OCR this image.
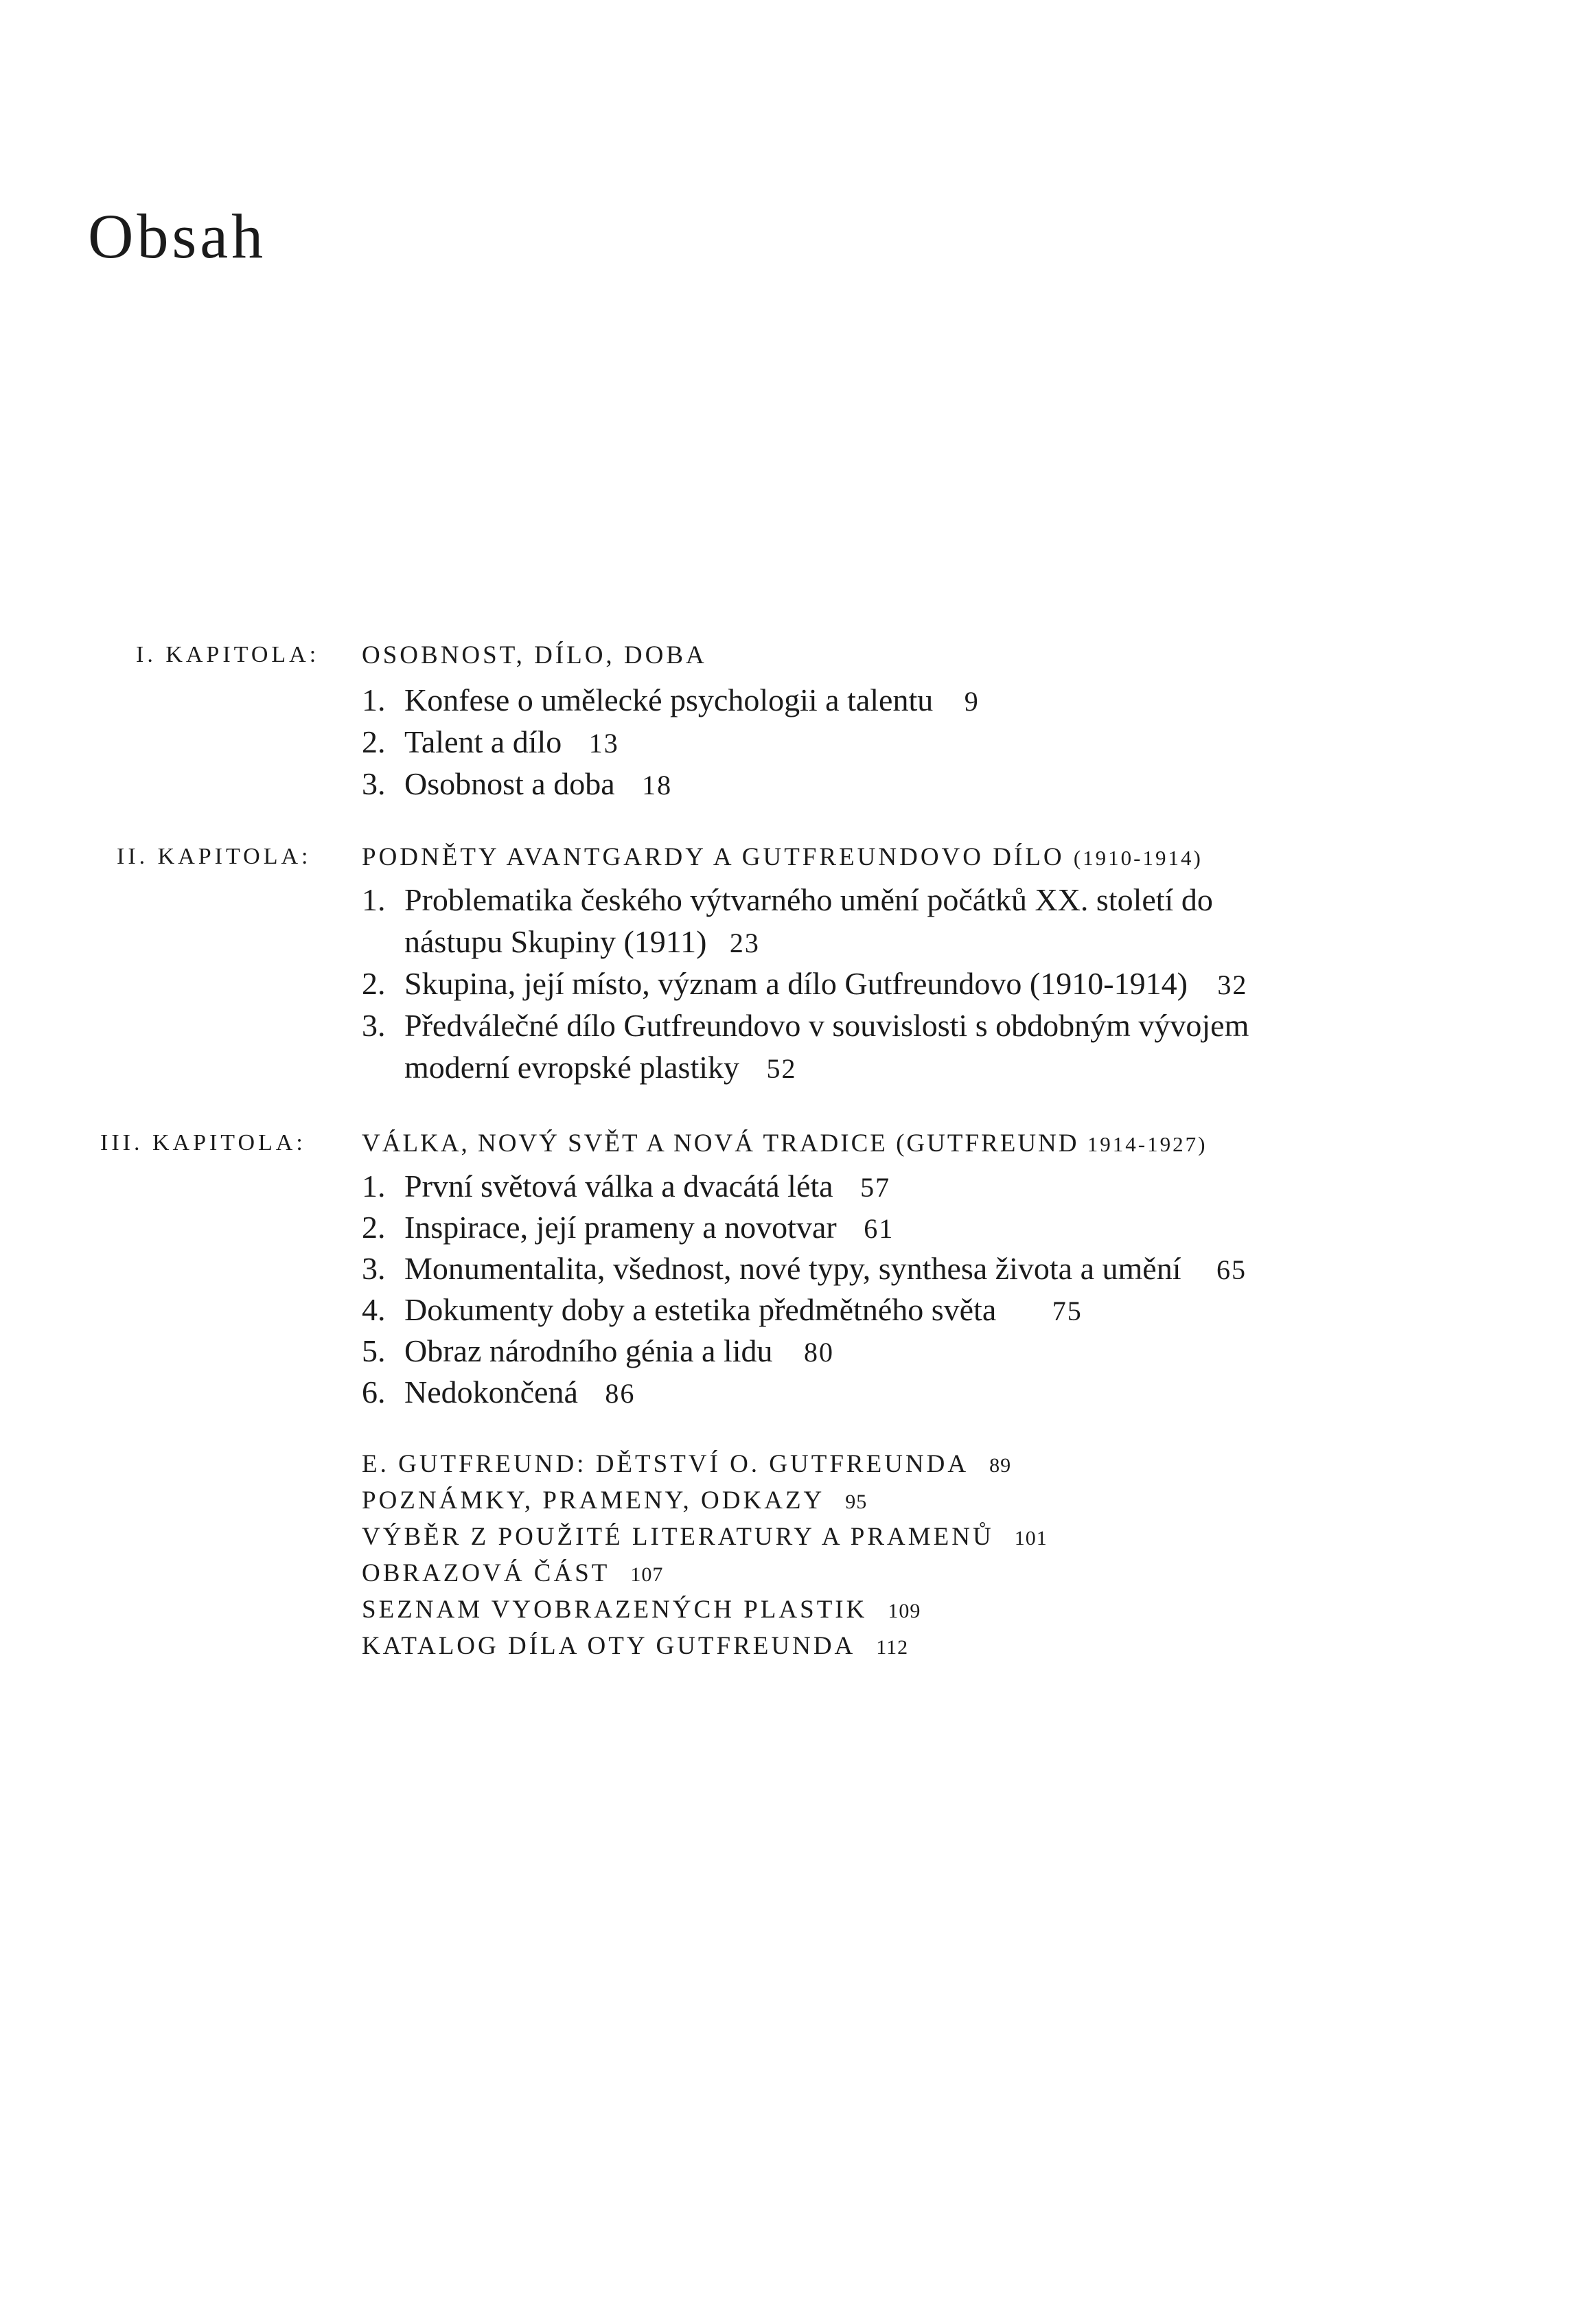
Obsah
I. KAPITOLA: OSOBNOST, DÍLO, DOBA
1. Konfese o umělecké psychologii a talentu 9
2. Talent a dílo 13
3. Osobnost a doba 18
II. KAPITOLA: PODNĚTY AVANTGARDY A GUTFREUNDOVO DÍLO (1910-1914)
1. Problematika českého výtvarného umění počátků XX. století do
nástupu Skupiny (1911) 23
2. Skupina, její místo, význam a dílo Gutfreundovo (1910-1914) 32
3. Předválečné dílo Gutfreundovo v souvislosti s obdobným vývojem
moderní evropské plastiky 52
III. KAPITOLA: VÁLKA, NOVÝ SVĚT A NOVÁ TRADICE (GUTFREUND 1914-1927)
1. První světová válka a dvacátá léta 57
2. Inspirace, její prameny a novotvar 61
3. Monumentalita, všednost, nové typy, synthesa života a umění 65
4. Dokumenty doby a estetika předmětného světa 75
5. Obraz národního génia a lidu 80
6. Nedokončená 86
E. GUTFREUND: DĚTSTVÍ O. GUTFREUNDA 89
POZNÁMKY, PRAMENY, ODKAZY 95
VÝBĚR Z POUŽITÉ LITERATURY A PRAMENŮ 101
OBRAZOVÁ ČÁST 107
SEZNAM VYOBRAZENÝCH PLASTIK 109
KATALOG DÍLA OTY GUTFREUNDA 112
